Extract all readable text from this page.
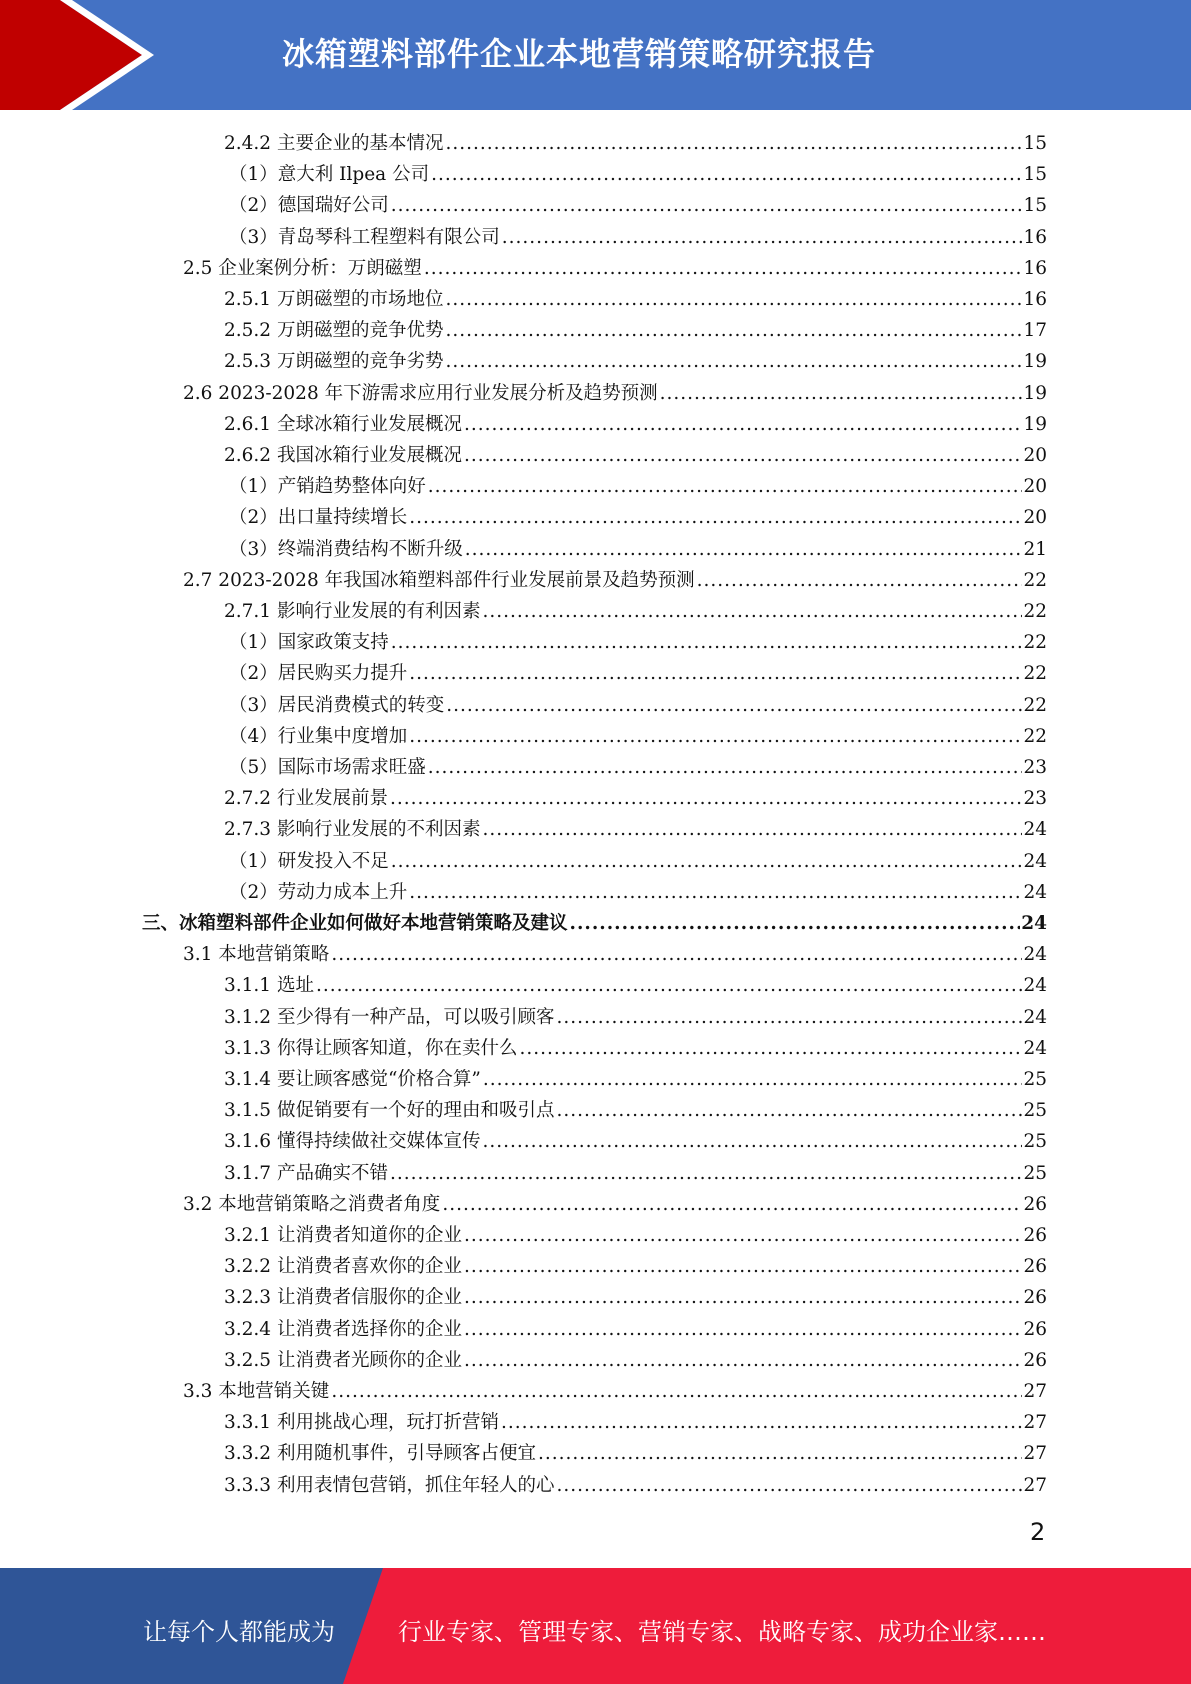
冰箱塑料部件企业本地营销策略研究报告
2.4.2 主要企业的基本情况 .....	15
（1）意大利 Ilpea 公司 .....	15
（2）德国瑞好公司 .....	15
（3）青岛琴科工程塑料有限公司 .....	16
2.5 企业案例分析：万朗磁塑 .....	16
2.5.1 万朗磁塑的市场地位 .....	16
2.5.2 万朗磁塑的竞争优势 .....	17
2.5.3 万朗磁塑的竞争劣势 .....	19
2.6 2023-2028 年下游需求应用行业发展分析及趋势预测 .....	19
2.6.1 全球冰箱行业发展概况 .....	19
2.6.2 我国冰箱行业发展概况 .....	20
（1）产销趋势整体向好 .....	20
（2）出口量持续增长 .....	20
（3）终端消费结构不断升级 .....	21
2.7 2023-2028 年我国冰箱塑料部件行业发展前景及趋势预测 .....	22
2.7.1 影响行业发展的有利因素 .....	22
（1）国家政策支持 .....	22
（2）居民购买力提升 .....	22
（3）居民消费模式的转变 .....	22
（4）行业集中度增加 .....	22
（5）国际市场需求旺盛 .....	23
2.7.2 行业发展前景 .....	23
2.7.3 影响行业发展的不利因素 .....	24
（1）研发投入不足 .....	24
（2）劳动力成本上升 .....	24
三、冰箱塑料部件企业如何做好本地营销策略及建议 .....	24
3.1 本地营销策略 .....	24
3.1.1 选址 .....	24
3.1.2 至少得有一种产品，可以吸引顾客 .....	24
3.1.3 你得让顾客知道，你在卖什么 .....	24
3.1.4 要让顾客感觉“价格合算” .....	25
3.1.5 做促销要有一个好的理由和吸引点 .....	25
3.1.6 懂得持续做社交媒体宣传 .....	25
3.1.7 产品确实不错 .....	25
3.2 本地营销策略之消费者角度 .....	26
3.2.1 让消费者知道你的企业 .....	26
3.2.2 让消费者喜欢你的企业 .....	26
3.2.3 让消费者信服你的企业 .....	26
3.2.4 让消费者选择你的企业 .....	26
3.2.5 让消费者光顾你的企业 .....	26
3.3 本地营销关键 .....	27
3.3.1 利用挑战心理，玩打折营销 .....	27
3.3.2 利用随机事件，引导顾客占便宜 .....	27
3.3.3 利用表情包营销，抓住年轻人的心 .....	27
2
让每个人都能成为	行业专家、管理专家、营销专家、战略专家、成功企业家……
